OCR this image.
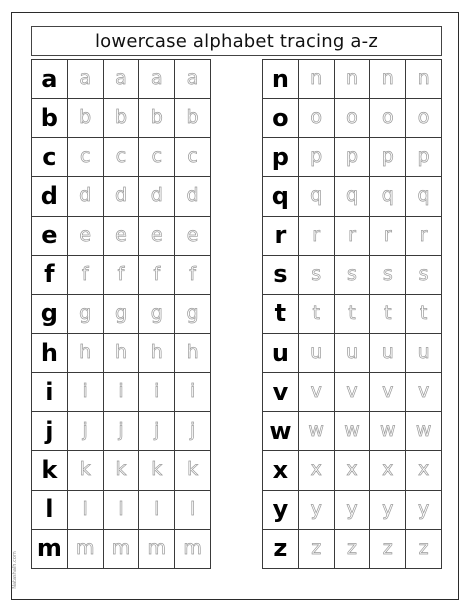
lowercase alphabet tracing a-z
a	a	a	a	a
b	b	b	b	b
c	c	c	c	c
d	d	d	d	d
e	e	e	e	e
f	f	f	f	f
g	g	g	g	g
h	h	h	h	h
i	i	i	i	i
j	j	j	j	j
k	k	k	k	k
l	l	l	l	l
m	m	m	m	m
n	n	n	n	n
o	o	o	o	o
p	p	p	p	p
q	q	q	q	q
r	r	r	r	r
s	s	s	s	s
t	t	t	t	t
u	u	u	u	u
v	v	v	v	v
w	w	w	w	w
x	x	x	x	x
y	y	y	y	y
z	z	z	z	z
Natashalh.com
